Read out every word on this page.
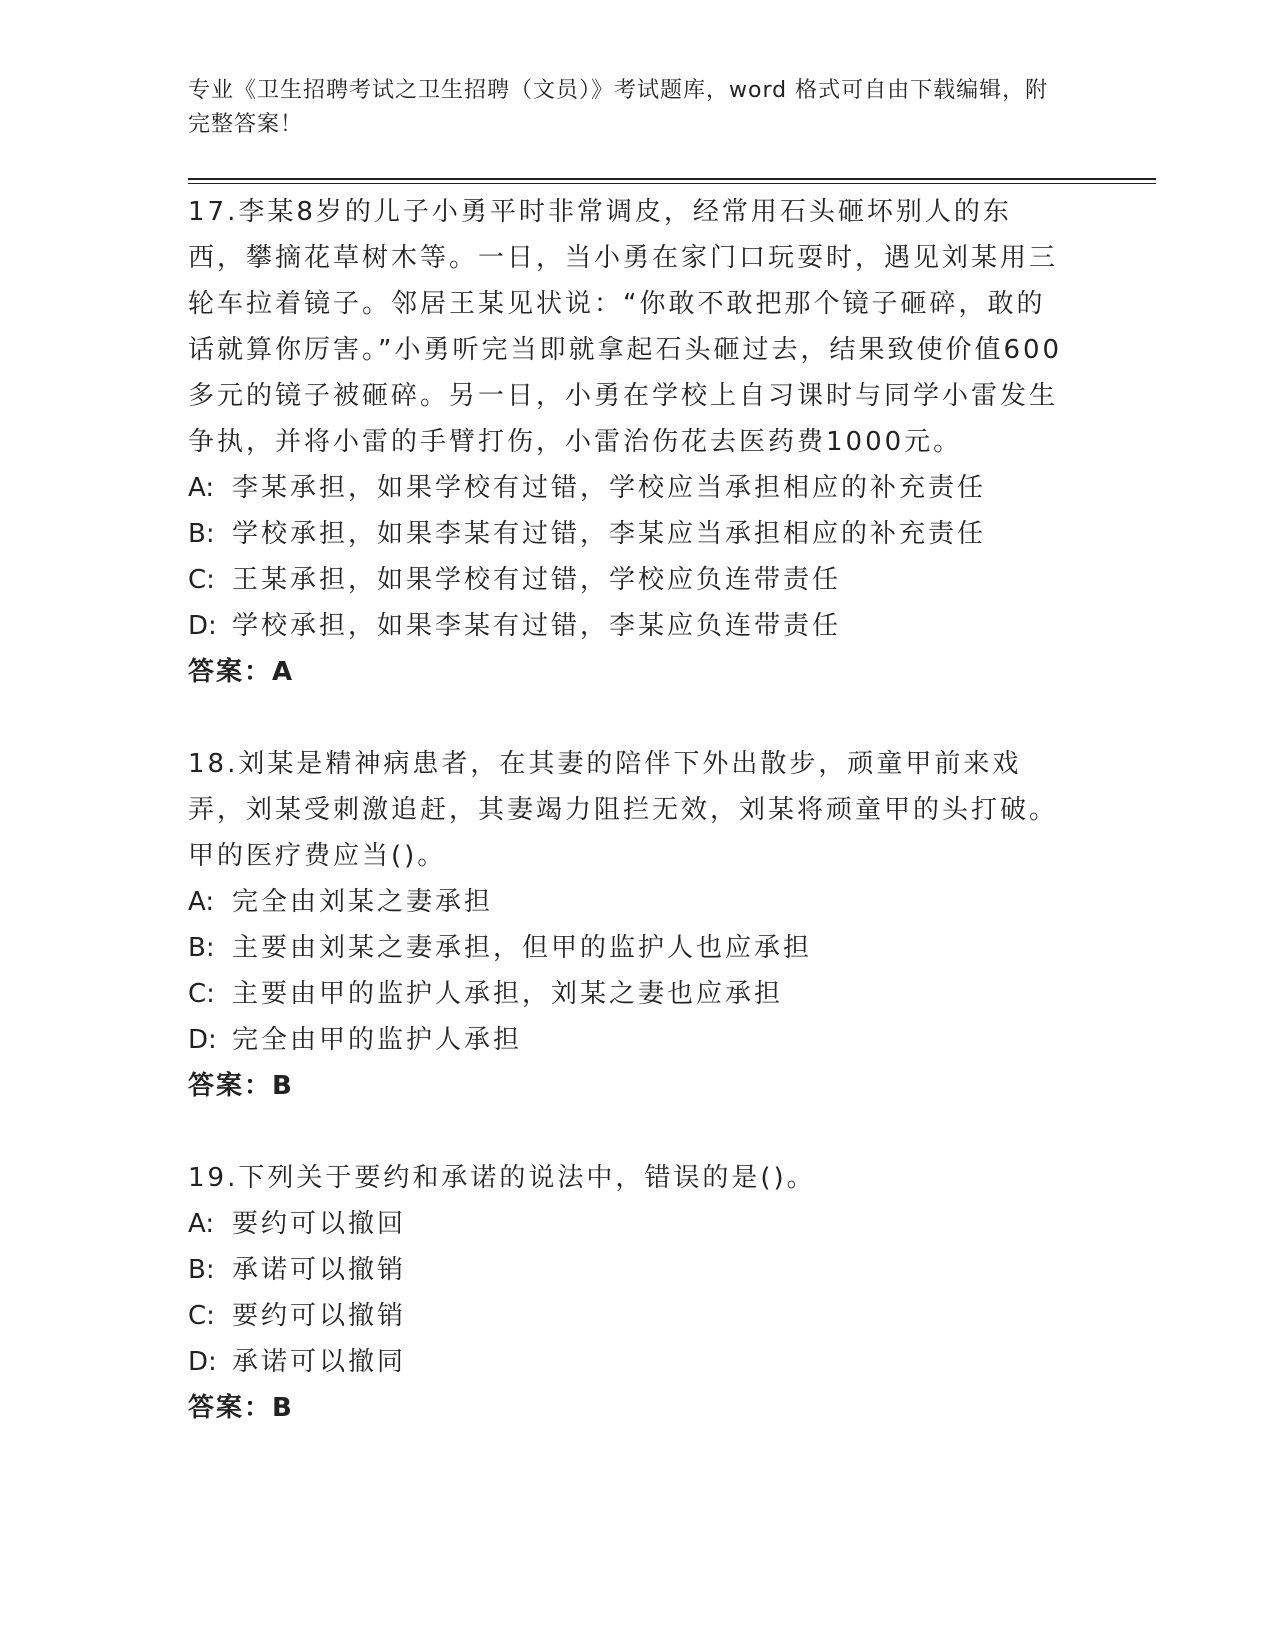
专业《卫生招聘考试之卫生招聘（文员）》考试题库，word 格式可自由下载编辑，附完整答案！

17.李某8岁的儿子小勇平时非常调皮，经常用石头砸坏别人的东西，攀摘花草树木等。一日，当小勇在家门口玩耍时，遇见刘某用三轮车拉着镜子。邻居王某见状说：“你敢不敢把那个镜子砸碎，敢的话就算你厉害。”小勇听完当即就拿起石头砸过去，结果致使价值600多元的镜子被砸碎。另一日，小勇在学校上自习课时与同学小雷发生争执，并将小雷的手臂打伤，小雷治伤花去医药费1000元。

A: 李某承担，如果学校有过错，学校应当承担相应的补充责任

B: 学校承担，如果李某有过错，李某应当承担相应的补充责任

C: 王某承担，如果学校有过错，学校应负连带责任

D: 学校承担，如果李某有过错，李某应负连带责任

答案：A

18.刘某是精神病患者，在其妻的陪伴下外出散步，顽童甲前来戏弄，刘某受刺激追赶，其妻竭力阻拦无效，刘某将顽童甲的头打破。甲的医疗费应当()。

A: 完全由刘某之妻承担

B: 主要由刘某之妻承担，但甲的监护人也应承担

C: 主要由甲的监护人承担，刘某之妻也应承担

D: 完全由甲的监护人承担

答案：B

19.下列关于要约和承诺的说法中，错误的是()。

A: 要约可以撤回

B: 承诺可以撤销

C: 要约可以撤销

D: 承诺可以撤同

答案：B
